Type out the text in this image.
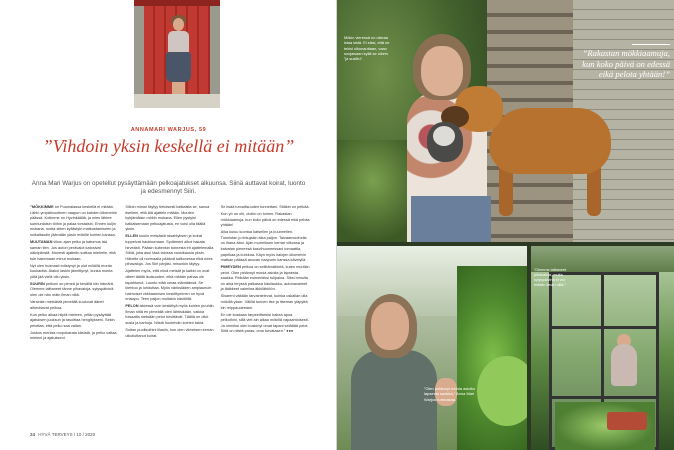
ANNAMARI WARJUS, 59
”Vihdoin yksin keskellä ei mitään”
Anna Mari Warjus on opetellut pysäyttämään pelkoajatukset alkuunsa. Siinä auttavat koirat, luonto ja edesmennyt Siiri.

”MÖKKIMME on Puumalassa keskellä ei mitään. Lähin ympärivuotinen naapuri on kahden kilometrin päässä. Kotimme on Hyvinkäällä, ja mies lähtee sunnuntaisin töihin ja palaa torstaisin. Ennen kuljin mukana, mutta sitten kyllästyin matkustamiseen ja soikaltaudin jäämään yksin mökille koirien kanssa.

MUUTAMAN vikon ajan pelko ja katumus iski saman tien. Jos auton perävalot katosivat näköpiiristä. Monesti ajattelin soittaa miehelle, että tule hakemaan minut mukaan.

Nyt olen huimasti edistynyt ja olut mökillä monta kuukautta. Alakoi laskin jännittynyt, kunka monta yötä jää vielä ollu yksin.

SUURIN pelkoni on pimeä ja kesällä siin hämärä. Olemme laittaneet tänne pihavaloja, sytyspäivinä olen ole nän mäin ilman niitä.

Varsinkin metsästä pimeällä kuuluvat äänet aiheuttavat pelkoa.

Kun pelko alkaa hiipiä mieleen, yritän pysäyttää ajatuksen juoksun ja tasoittaa hengitykseni. Sekin pelottaa, että pelko saa vallan.

Joskus menisa mopokarata käsistä, ja pelko valtaa mieleni ja ajatukseni.

Silloin minun täytyy tietoisesti katkaista se, sanoa itselleni, että älä ajattele mitään. Muuten kyhjäntäisin mökin mukana. Ellen pystyisi katkaisemaan pelkoajatusta, en voisi olla täällä yksin.

ELLEN kuulin metsästä rasahtyksen ja koirat tuppeivat haukkumaan. Sydämeni alkoi hakata hirveästi. Pääsin kuitenkin tunnesta irti ajattelemalla Siiriä, joka asui täsä talossa vuosikausia yksin. Hänelle oli normaalia pääsnä salkovessa eikä edes pihavaloja. Jos Siiri pärjäsi, minunkin täytyy.

Ajattelen myös, että niinä metsät ja kaikki on ovat olleet täällä ikuisuuden, eikä mitään pahaa ole tapahtunut. Luonto elää omaa elämäänsä. Se kiehtoo ja lohduttaa. Myös väriksiäden ampiaunuin halmoiset virkkaamisen keskittyminen on hyvä ensiapu. Teen paljon muitakin käsitöitä.

PELON iskiessä voin keskittyä myös koirien puuhiin. Ilman niitä en pimeällä olen lähtisikään, vaikka toisaalta metsään pelot hirvittävät. Täällä on ollut susia ja karhuja. Niistä huolehdin koirien takia.

Suitan puolisoihini illasiin, kun olen viimeisen kerran ulkoiluttanut koirat.

Se lisää turvallisuuden tunnettani. Sitäkin on pelkää.

Kun yö on ohi, olokin on toinen. Rakastan mökkiaamuja, kun koko päivä on edessä eikä pelota yhtään!

Aika kuluu luontoa katsellen ja kuunnellen. Tunnistan jo lintujakin aika paljon. Taivaanvuohella on ihana ääni. Ajan murmiksen kerran viikossa ja kaivatan pieneesä kasvihuoneessani tomaattia, paprikaa ja kurkkua. Käyn myös kalojen kilometrin matkan päässä asuvan naapurin kanssa kävelyllä.

PIMEYDEN pelkoa on selittämätöntä, kuten muutkin pelot. Olen pelännyt monia asioita ja lapsesta saakka. Pelkään esimerkiksi tulipaloa. Siksi minulla on aina teryssä palkassa käsilaukku, autonavaimet ja lääkkeet valmiina äkkilähtöön.

Sisareni väitään tarvaintelevat, kuinka uskallan olla mökillä yksin. Välillä tunnen itse ja itseman yläpyttä kin reippaudestani.

En ole koskaan tarpeellisekisi hakea apua pelkoihini, sillä viet ain aikaa mökillä vapaahtoisesti. Ja onneksi olen koskinyt omat tapani selättää pelot. Siitä on niistä paras, oma turvatasen.” ●●●

24 HYVÄ TERVEYS / 10 / 2020
Mökin vieressä on oikeaa isiaa sistä. Ei siksi, että ne tekisi ulkonauttaan, vaan suojaisaan kyllä se oikein ”ja susittu”.
”Rakastan mökkiaamuja, kun koko päivä on edessä eikä pelota yhtään!”
”Olen pelännyt monia asioita lapsesta saakka,” Anna Mari Warjus tunnustaa.
”Olemme laittaneet pihavaloja, mutta sytyspäivinä ei voi mitään ilman niitä.”
